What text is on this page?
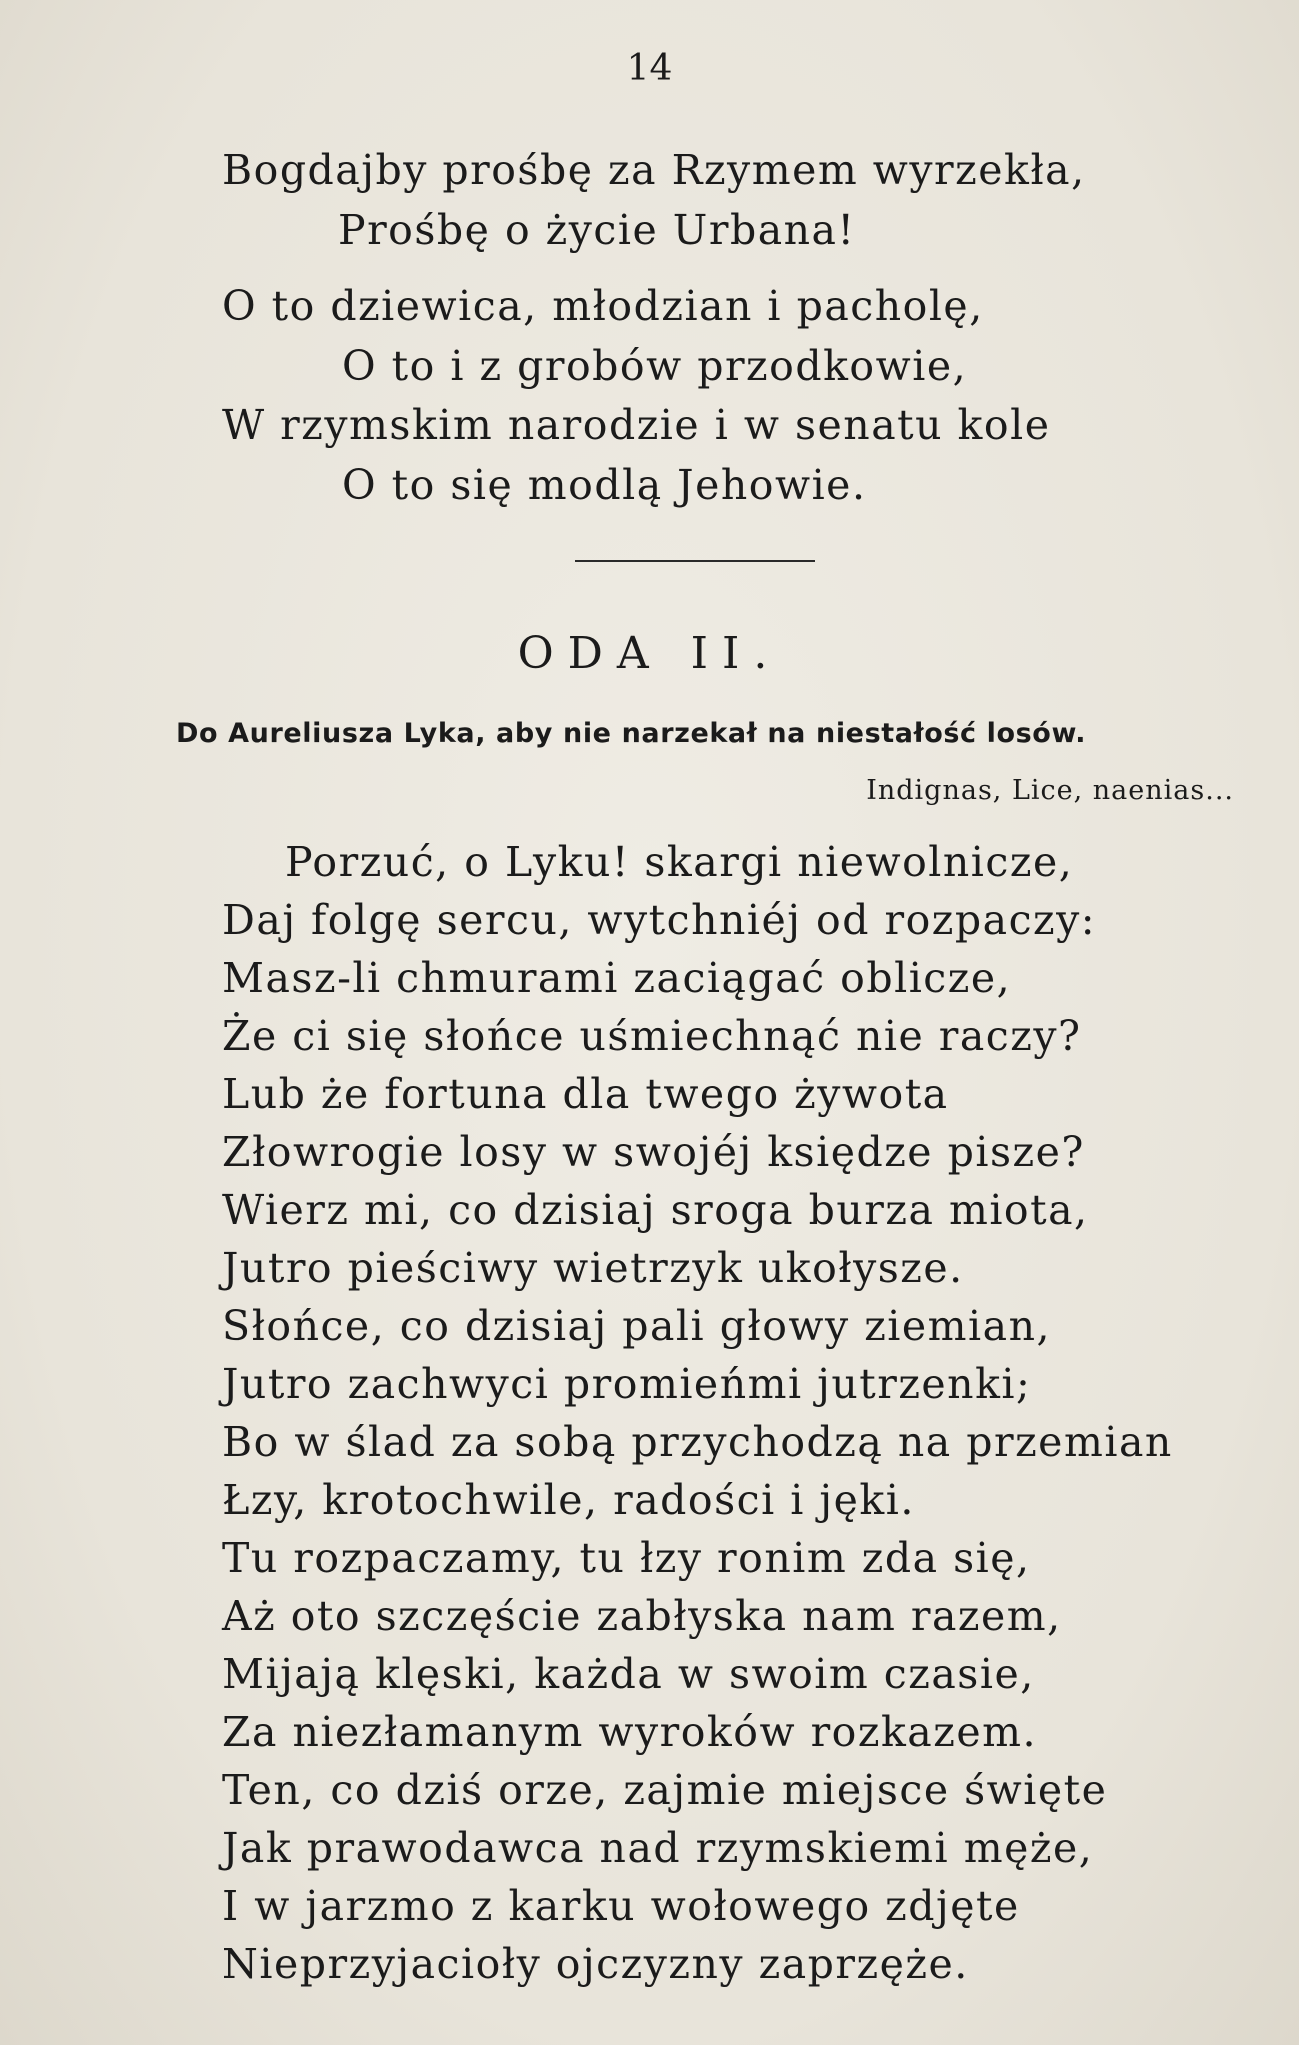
14
Bogdajby prośbę za Rzymem wyrzekła,
Prośbę o życie Urbana!
O to dziewica, młodzian i pacholę,
O to i z grobów przodkowie,
W rzymskim narodzie i w senatu kole
O to się modlą Jehowie.
ODA II.
Do Aureliusza Lyka, aby nie narzekał na niestałość losów.
Indignas, Lice, naenias...
Porzuć, o Lyku! skargi niewolnicze,
Daj folgę sercu, wytchniéj od rozpaczy:
Masz-li chmurami zaciągać oblicze,
Że ci się słońce uśmiechnąć nie raczy?
Lub że fortuna dla twego żywota
Złowrogie losy w swojéj księdze pisze?
Wierz mi, co dzisiaj sroga burza miota,
Jutro pieściwy wietrzyk ukołysze.
Słońce, co dzisiaj pali głowy ziemian,
Jutro zachwyci promieńmi jutrzenki;
Bo w ślad za sobą przychodzą na przemian
Łzy, krotochwile, radości i jęki.
Tu rozpaczamy, tu łzy ronim zda się,
Aż oto szczęście zabłyska nam razem,
Mijają klęski, każda w swoim czasie,
Za niezłamanym wyroków rozkazem.
Ten, co dziś orze, zajmie miejsce święte
Jak prawodawca nad rzymskiemi męże,
I w jarzmo z karku wołowego zdjęte
Nieprzyjacioły ojczyzny zaprzęże.
